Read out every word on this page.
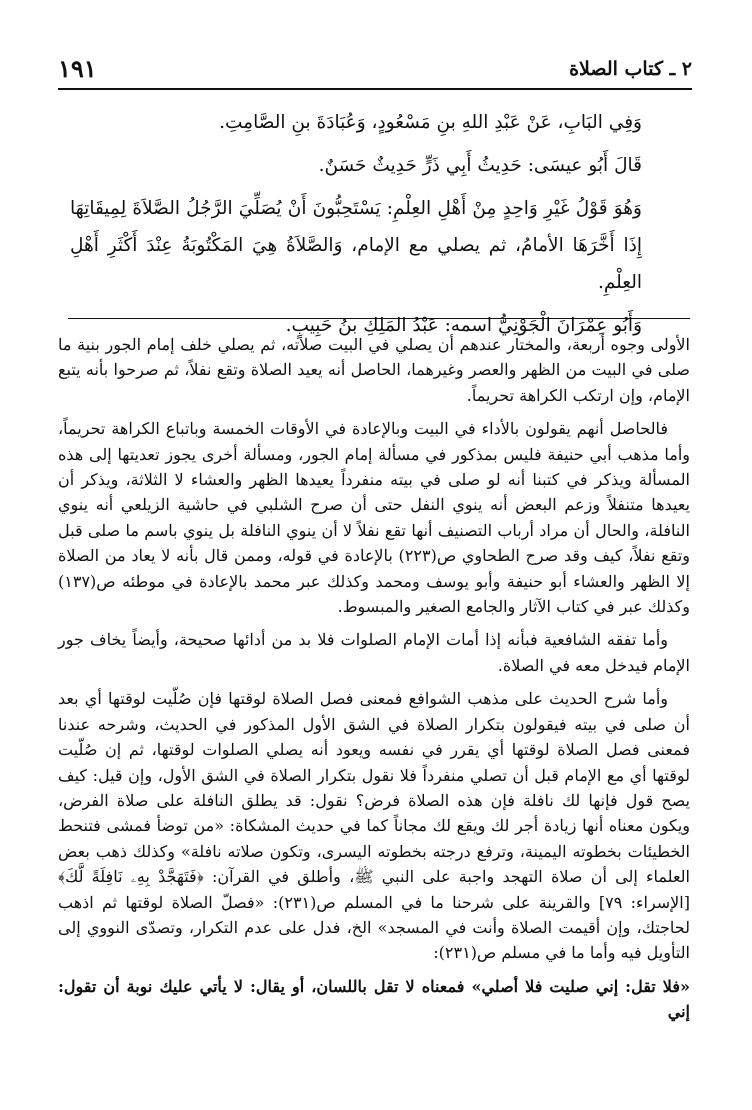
٢ ـ كتاب الصلاة
١٩١

وَفِي البَابِ، عَنْ عَبْدِ اللهِ بنِ مَسْعُودٍ، وَعُبَادَةَ بنِ الصَّامِتِ.

قَالَ أَبُو عيسَى: حَدِيثُ أَبِي ذَرٍّ حَدِيثٌ حَسَنٌ.

وَهُوَ قَوْلُ غَيْرِ وَاحِدٍ مِنْ أَهْلِ العِلْمِ: يَسْتَحِبُّونَ أَنْ يُصَلِّيَ الرَّجُلُ الصَّلاَةَ لِمِيقَاتِهَا إِذَا أَخَّرَهَا الأمامُ، ثم يصلي مع الإمام، وَالصَّلاَةُ هِيَ المَكْتُوبَةُ عِنْدَ أَكْثَرِ أَهْلِ العِلْمِ.

وَأَبُو عِمْرَانَ الْجَوْنِيُّ اسمه: عَبْدُ المَلِكِ بنُ حَبِيبٍ.

الأولى وجوه أربعة، والمختار عندهم أن يصلي في البيت صلاته، ثم يصلي خلف إمام الجور بنية ما صلى في البيت من الظهر والعصر وغيرهما، الحاصل أنه يعيد الصلاة وتقع نفلاً، ثم صرحوا بأنه يتبع الإمام، وإن ارتكب الكراهة تحريماً.

فالحاصل أنهم يقولون بالأداء في البيت وبالإعادة في الأوقات الخمسة وباتباع الكراهة تحريماً، وأما مذهب أبي حنيفة فليس بمذكور في مسألة إمام الجور، ومسألة أخرى يجوز تعديتها إلى هذه المسألة ويذكر في كتبنا أنه لو صلى في بيته منفرداً يعيدها الظهر والعشاء لا الثلاثة، ويذكر أن يعيدها متنفلاً وزعم البعض أنه ينوي النفل حتى أن صرح الشلبي في حاشية الزيلعي أنه ينوي النافلة، والحال أن مراد أرباب التصنيف أنها تقع نفلاً لا أن ينوي النافلة بل ينوي باسم ما صلى قبل وتقع نفلاً، كيف وقد صرح الطحاوي ص(٢٢٣) بالإعادة في قوله، وممن قال بأنه لا يعاد من الصلاة إلا الظهر والعشاء أبو حنيفة وأبو يوسف ومحمد وكذلك عبر محمد بالإعادة في موطئه ص(١٣٧) وكذلك عبر في كتاب الآثار والجامع الصغير والمبسوط.

وأما تفقه الشافعية فبأنه إذا أمات الإمام الصلوات فلا بد من أدائها صحيحة، وأيضاً يخاف جور الإمام فيدخل معه في الصلاة.

وأما شرح الحديث على مذهب الشوافع فمعنى فصل الصلاة لوقتها فإن صُلّيت لوقتها أي بعد أن صلى في بيته فيقولون بتكرار الصلاة في الشق الأول المذكور في الحديث، وشرحه عندنا فمعنى فصل الصلاة لوقتها أي يقرر في نفسه ويعود أنه يصلي الصلوات لوقتها، ثم إن صُلّيت لوقتها أي مع الإمام قبل أن تصلي منفرداً فلا نقول بتكرار الصلاة في الشق الأول، وإن قيل: كيف يصح قول فإنها لك نافلة فإن هذه الصلاة فرض؟ نقول: قد يطلق النافلة على صلاة الفرض، ويكون معناه أنها زيادة أجر لك ويقع لك مجاناً كما في حديث المشكاة: «من توضأ فمشى فتنحط الخطيئات بخطوته اليمينة، وترفع درجته بخطوته اليسرى، وتكون صلاته نافلة» وكذلك ذهب بعض العلماء إلى أن صلاة التهجد واجبة على النبي ﷺ، وأطلق في القرآن: ﴿فَتَهَجَّدْ بِهِۦ نَافِلَةً لَّكَ﴾ [الإسراء: ٧٩] والقرينة على شرحنا ما في المسلم ص(٢٣١): «فصلّ الصلاة لوقتها ثم اذهب لحاجتك، وإن أقيمت الصلاة وأنت في المسجد» الخ، فدل على عدم التكرار، وتصدّى النووي إلى التأويل فيه وأما ما في مسلم ص(٢٣١):

«فلا تقل: إني صليت فلا أصلي» فمعناه لا تقل باللسان، أو يقال: لا يأتي عليك نوبة أن تقول: إني
